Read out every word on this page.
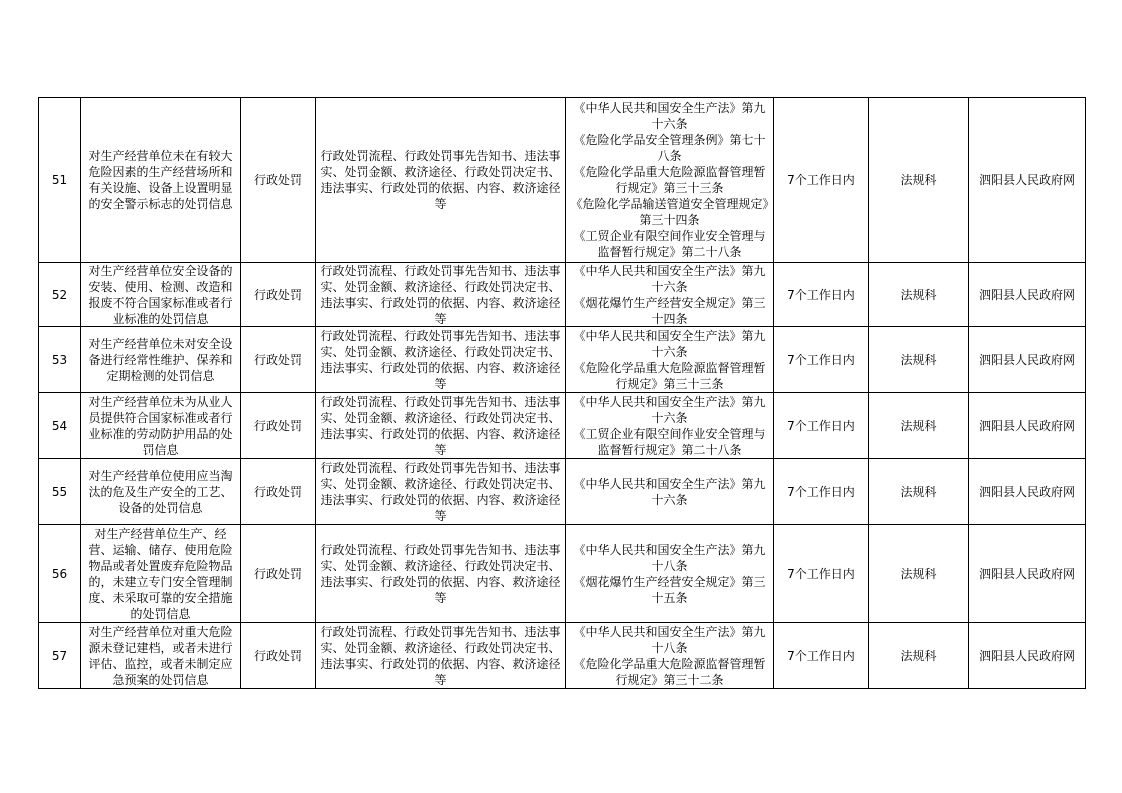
51	对生产经营单位未在有较大危险因素的生产经营场所和有关设施、设备上设置明显的安全警示标志的处罚信息	行政处罚	行政处罚流程、行政处罚事先告知书、违法事实、处罚金额、救济途径、行政处罚决定书、违法事实、行政处罚的依据、内容、救济途径等	《中华人民共和国安全生产法》第九十六条
《危险化学品安全管理条例》第七十八条
《危险化学品重大危险源监督管理暂行规定》第三十三条
《危险化学品输送管道安全管理规定》第三十四条
《工贸企业有限空间作业安全管理与监督暂行规定》第二十八条	7个工作日内	法规科	泗阳县人民政府网

52	对生产经营单位安全设备的安装、使用、检测、改造和报废不符合国家标准或者行业标准的处罚信息	行政处罚	行政处罚流程、行政处罚事先告知书、违法事实、处罚金额、救济途径、行政处罚决定书、违法事实、行政处罚的依据、内容、救济途径等	《中华人民共和国安全生产法》第九十六条
《烟花爆竹生产经营安全规定》第三十四条	7个工作日内	法规科	泗阳县人民政府网

53	对生产经营单位未对安全设备进行经常性维护、保养和定期检测的处罚信息	行政处罚	行政处罚流程、行政处罚事先告知书、违法事实、处罚金额、救济途径、行政处罚决定书、违法事实、行政处罚的依据、内容、救济途径等	《中华人民共和国安全生产法》第九十六条
《危险化学品重大危险源监督管理暂行规定》第三十三条	7个工作日内	法规科	泗阳县人民政府网

54	对生产经营单位未为从业人员提供符合国家标准或者行业标准的劳动防护用品的处罚信息	行政处罚	行政处罚流程、行政处罚事先告知书、违法事实、处罚金额、救济途径、行政处罚决定书、违法事实、行政处罚的依据、内容、救济途径等	《中华人民共和国安全生产法》第九十六条
《工贸企业有限空间作业安全管理与监督暂行规定》第二十八条	7个工作日内	法规科	泗阳县人民政府网

55	对生产经营单位使用应当淘汰的危及生产安全的工艺、设备的处罚信息	行政处罚	行政处罚流程、行政处罚事先告知书、违法事实、处罚金额、救济途径、行政处罚决定书、违法事实、行政处罚的依据、内容、救济途径等	《中华人民共和国安全生产法》第九十六条	7个工作日内	法规科	泗阳县人民政府网

56	对生产经营单位生产、经营、运输、储存、使用危险物品或者处置废弃危险物品的，未建立专门安全管理制度、未采取可靠的安全措施的处罚信息	行政处罚	行政处罚流程、行政处罚事先告知书、违法事实、处罚金额、救济途径、行政处罚决定书、违法事实、行政处罚的依据、内容、救济途径等	《中华人民共和国安全生产法》第九十八条
《烟花爆竹生产经营安全规定》第三十五条	7个工作日内	法规科	泗阳县人民政府网

57	对生产经营单位对重大危险源未登记建档，或者未进行评估、监控，或者未制定应急预案的处罚信息	行政处罚	行政处罚流程、行政处罚事先告知书、违法事实、处罚金额、救济途径、行政处罚决定书、违法事实、行政处罚的依据、内容、救济途径等	《中华人民共和国安全生产法》第九十八条
《危险化学品重大危险源监督管理暂行规定》第三十二条	7个工作日内	法规科	泗阳县人民政府网
